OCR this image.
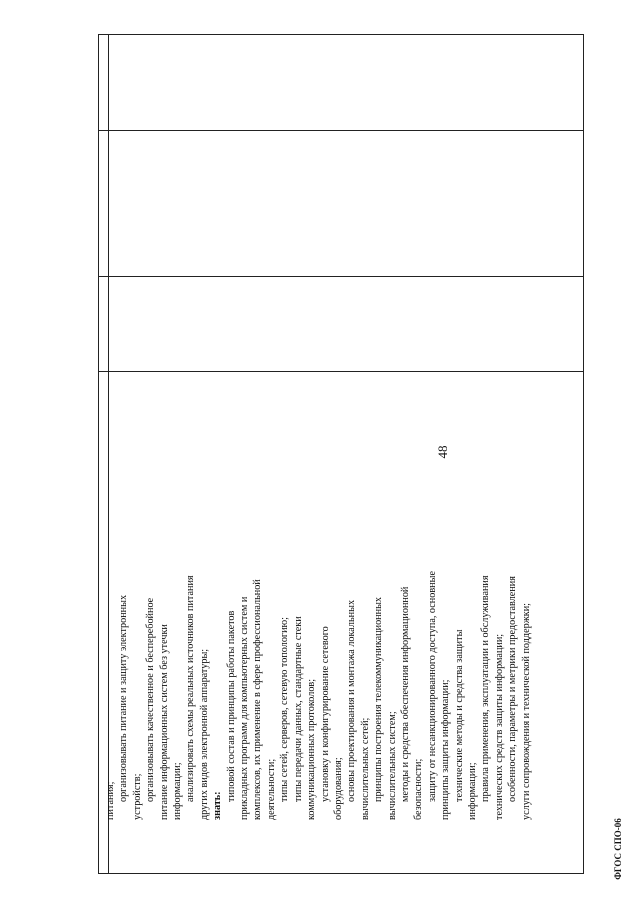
48
питания; организовывать питание и защиту электронных устройств; организовывать качественное и бесперебойное питание информационных систем без утечки информации; анализировать схемы реальных источников питания других видов электронной аппаратуры; знать:
типовой состав и принципы работы пакетов прикладных программ для компьютерных систем и комплексов, их применение в сфере профессиональной деятельности; типы сетей, серверов, сетевую топологию; типы передачи данных, стандартные стеки коммуникационных протоколов; установку и конфигурирование сетевого оборудования; основы проектирования и монтажа локальных вычислительных сетей; принципы построения телекоммуникационных вычислительных систем; методы и средства обеспечения информационной безопасности; защиту от несанкционированного доступа, основные принципы защиты информации; технические методы и средства защиты информации; правила применения, эксплуатации и обслуживания технических средств защиты информации; особенности, параметры и метрики предоставления услуги сопровождения и технической поддержки;
ФГОС СПО-06
